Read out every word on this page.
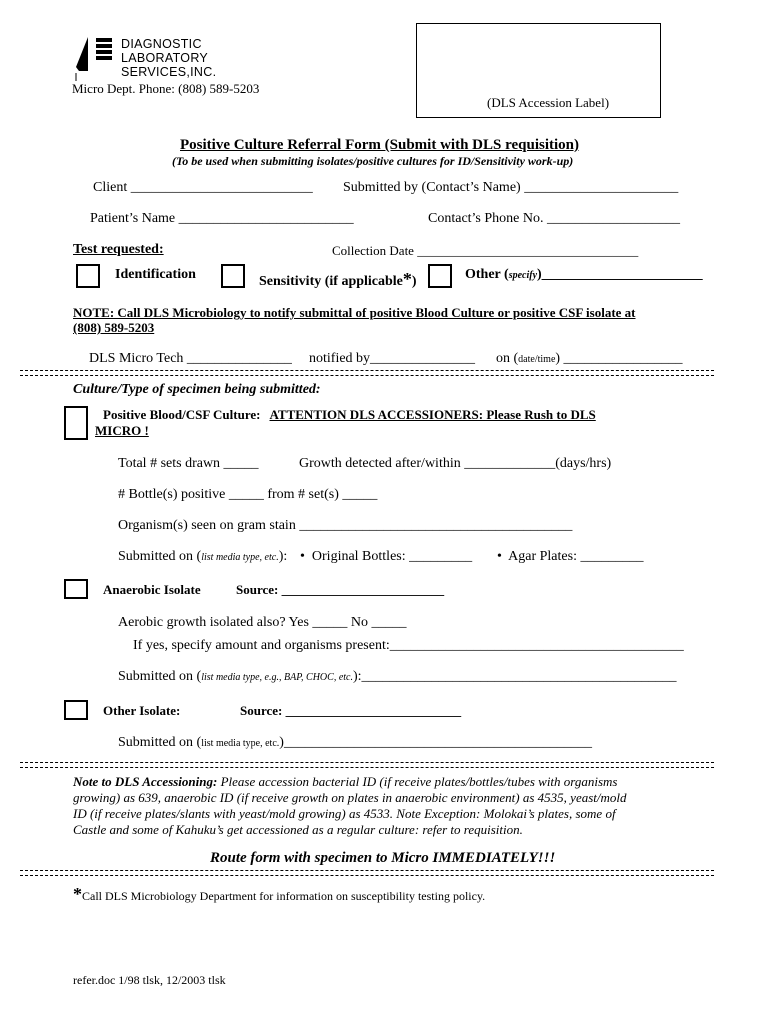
DIAGNOSTIC
LABORATORY
SERVICES,INC.
Micro Dept. Phone: (808) 589-5203
(DLS Accession Label)
Positive Culture Referral Form (Submit with DLS requisition)
(To be used when submitting isolates/positive cultures for ID/Sensitivity work-up)
Client __________________________ Submitted by (Contact’s Name) ______________________
Patient’s Name _________________________	Contact’s Phone No. ___________________
Test requested:	Collection Date __________________________________
Identification	Sensitivity (if applicable*)	Other (specify)_______________________
NOTE: Call DLS Microbiology to notify submittal of positive Blood Culture or positive CSF isolate at
(808) 589-5203
DLS Micro Tech _______________ notified by_______________ on (date/time) _________________
Culture/Type of specimen being submitted:
Positive Blood/CSF Culture: ATTENTION DLS ACCESSIONERS: Please Rush to DLS
MICRO !
Total # sets drawn _____	Growth detected after/within _____________(days/hrs)
# Bottle(s) positive _____ from # set(s) _____
Organism(s) seen on gram stain _______________________________________
Submitted on (list media type, etc.): • Original Bottles: _________ • Agar Plates: _________
Anaerobic Isolate	Source: _________________________
Aerobic growth isolated also? Yes _____ No _____
If yes, specify amount and organisms present:__________________________________________
Submitted on (list media type, e.g., BAP, CHOC, etc.):_____________________________________________
Other Isolate:	Source: ___________________________
Submitted on (list media type, etc.)____________________________________________
Note to DLS Accessioning: Please accession bacterial ID (if receive plates/bottles/tubes with organisms
growing) as 639, anaerobic ID (if receive growth on plates in anaerobic environment) as 4535, yeast/mold
ID (if receive plates/slants with yeast/mold growing) as 4533. Note Exception: Molokai’s plates, some of
Castle and some of Kahuku’s get accessioned as a regular culture: refer to requisition.
Route form with specimen to Micro IMMEDIATELY!!!
*Call DLS Microbiology Department for information on susceptibility testing policy.
refer.doc 1/98 tlsk, 12/2003 tlsk
